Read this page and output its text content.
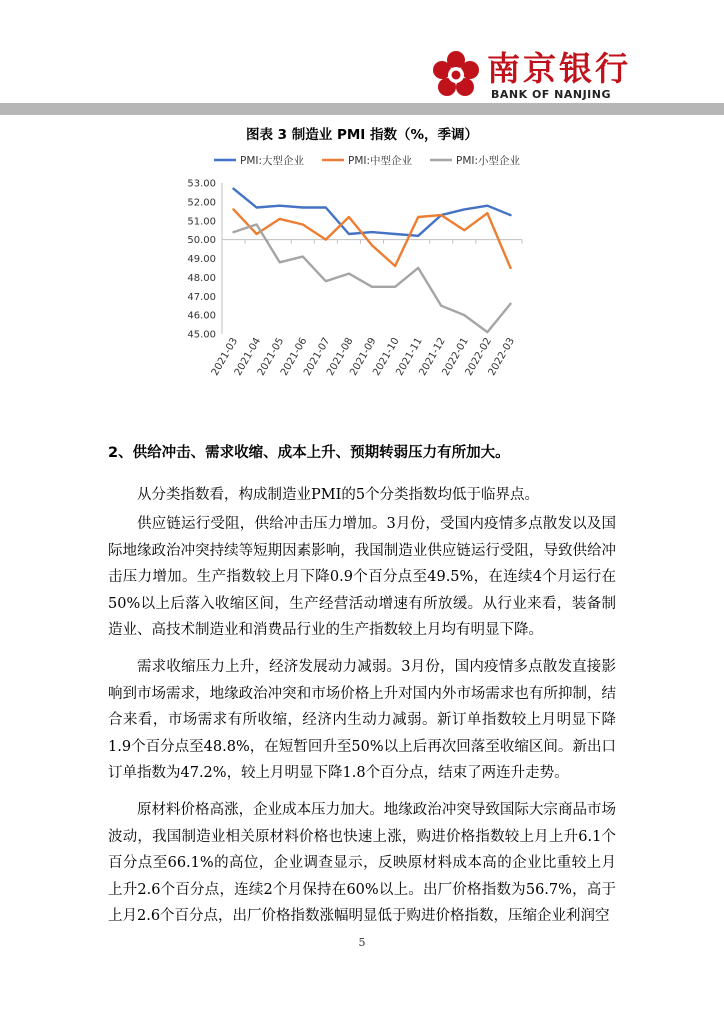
南京银行
BANK OF NANJING
图表 3 制造业 PMI 指数（%，季调）
PMI:大型企业	PMI:中型企业	PMI:小型企业
45.00
46.00
47.00
48.00
49.00
50.00
51.00
52.00
53.00
2021-03
2021-04
2021-05
2021-06
2021-07
2021-08
2021-09
2021-10
2021-11
2021-12
2022-01
2022-02
2022-03
2、供给冲击、需求收缩、成本上升、预期转弱压力有所加大。

从分类指数看，构成制造业PMI的5个分类指数均低于临界点。

供应链运行受阻，供给冲击压力增加。3月份，受国内疫情多点散发以及国际地缘政治冲突持续等短期因素影响，我国制造业供应链运行受阻，导致供给冲击压力增加。生产指数较上月下降0.9个百分点至49.5%，在连续4个月运行在50%以上后落入收缩区间，生产经营活动增速有所放缓。从行业来看，装备制造业、高技术制造业和消费品行业的生产指数较上月均有明显下降。

需求收缩压力上升，经济发展动力减弱。3月份，国内疫情多点散发直接影响到市场需求，地缘政治冲突和市场价格上升对国内外市场需求也有所抑制，结合来看，市场需求有所收缩，经济内生动力减弱。新订单指数较上月明显下降1.9个百分点至48.8%，在短暂回升至50%以上后再次回落至收缩区间。新出口订单指数为47.2%，较上月明显下降1.8个百分点，结束了两连升走势。

原材料价格高涨，企业成本压力加大。地缘政治冲突导致国际大宗商品市场波动，我国制造业相关原材料价格也快速上涨，购进价格指数较上月上升6.1个百分点至66.1%的高位，企业调查显示，反映原材料成本高的企业比重较上月上升2.6个百分点，连续2个月保持在60%以上。出厂价格指数为56.7%，高于上月2.6个百分点，出厂价格指数涨幅明显低于购进价格指数，压缩企业利润空

5
